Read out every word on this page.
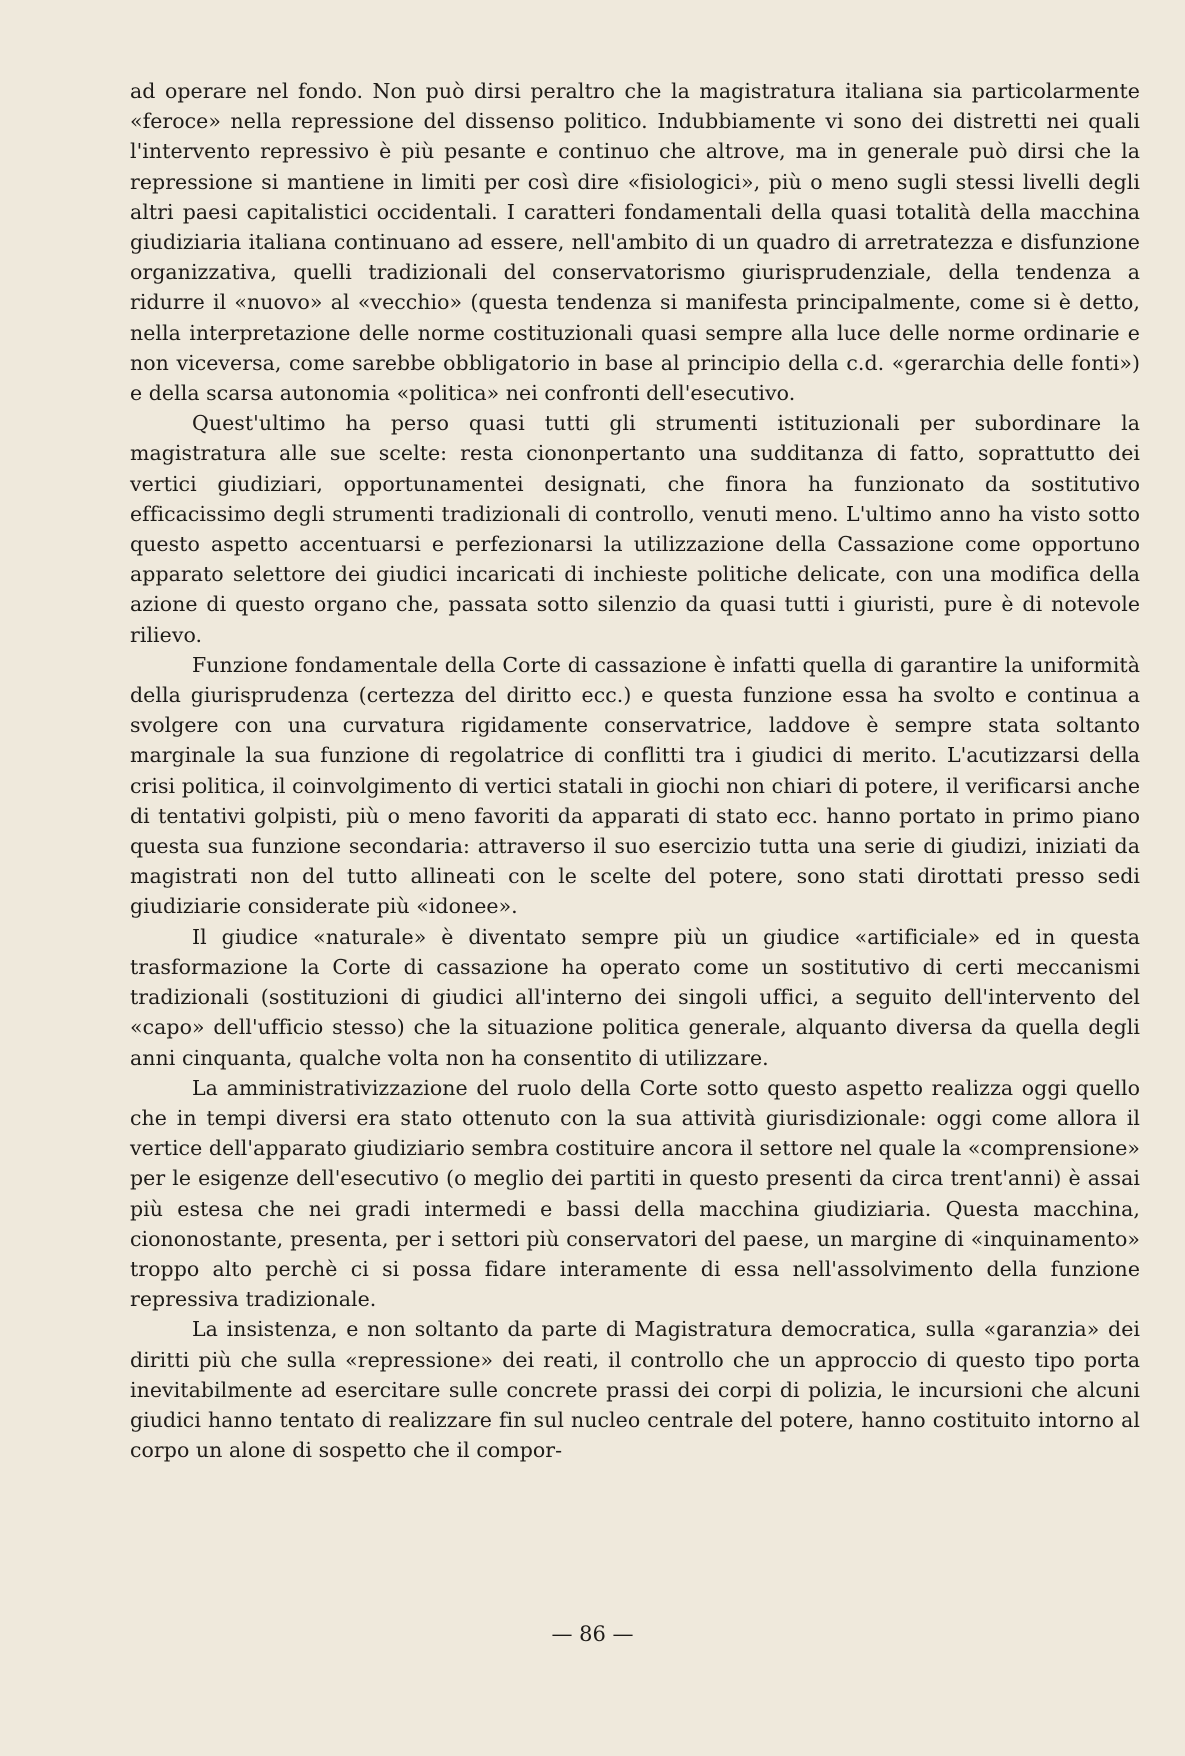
ad operare nel fondo. Non può dirsi peraltro che la magistratura italiana sia particolarmente «feroce» nella repressione del dissenso politico. Indubbiamente vi sono dei distretti nei quali l'intervento repressivo è più pesante e continuo che altrove, ma in generale può dirsi che la repressione si mantiene in limiti per così dire «fisiologici», più o meno sugli stessi livelli degli altri paesi capitalistici occidentali. I caratteri fondamentali della quasi totalità della macchina giudiziaria italiana continuano ad essere, nell'ambito di un quadro di arretratezza e disfunzione organizzativa, quelli tradizionali del conservatorismo giurisprudenziale, della tendenza a ridurre il «nuovo» al «vecchio» (questa tendenza si manifesta principalmente, come si è detto, nella interpretazione delle norme costituzionali quasi sempre alla luce delle norme ordinarie e non viceversa, come sarebbe obbligatorio in base al principio della c.d. «gerarchia delle fonti») e della scarsa autonomia «politica» nei confronti dell'esecutivo.

Quest'ultimo ha perso quasi tutti gli strumenti istituzionali per subordinare la magistratura alle sue scelte: resta ciononpertanto una sudditanza di fatto, soprattutto dei vertici giudiziari, opportunamentei designati, che finora ha funzionato da sostitutivo efficacissimo degli strumenti tradizionali di controllo, venuti meno. L'ultimo anno ha visto sotto questo aspetto accentuarsi e perfezionarsi la utilizzazione della Cassazione come opportuno apparato selettore dei giudici incaricati di inchieste politiche delicate, con una modifica della azione di questo organo che, passata sotto silenzio da quasi tutti i giuristi, pure è di notevole rilievo.

Funzione fondamentale della Corte di cassazione è infatti quella di garantire la uniformità della giurisprudenza (certezza del diritto ecc.) e questa funzione essa ha svolto e continua a svolgere con una curvatura rigidamente conservatrice, laddove è sempre stata soltanto marginale la sua funzione di regolatrice di conflitti tra i giudici di merito. L'acutizzarsi della crisi politica, il coinvolgimento di vertici statali in giochi non chiari di potere, il verificarsi anche di tentativi golpisti, più o meno favoriti da apparati di stato ecc. hanno portato in primo piano questa sua funzione secondaria: attraverso il suo esercizio tutta una serie di giudizi, iniziati da magistrati non del tutto allineati con le scelte del potere, sono stati dirottati presso sedi giudiziarie considerate più «idonee».

Il giudice «naturale» è diventato sempre più un giudice «artificiale» ed in questa trasformazione la Corte di cassazione ha operato come un sostitutivo di certi meccanismi tradizionali (sostituzioni di giudici all'interno dei singoli uffici, a seguito dell'intervento del «capo» dell'ufficio stesso) che la situazione politica generale, alquanto diversa da quella degli anni cinquanta, qualche volta non ha consentito di utilizzare.

La amministrativizzazione del ruolo della Corte sotto questo aspetto realizza oggi quello che in tempi diversi era stato ottenuto con la sua attività giurisdizionale: oggi come allora il vertice dell'apparato giudiziario sembra costituire ancora il settore nel quale la «comprensione» per le esigenze dell'esecutivo (o meglio dei partiti in questo presenti da circa trent'anni) è assai più estesa che nei gradi intermedi e bassi della macchina giudiziaria. Questa macchina, ciononostante, presenta, per i settori più conservatori del paese, un margine di «inquinamento» troppo alto perchè ci si possa fidare interamente di essa nell'assolvimento della funzione repressiva tradizionale.

La insistenza, e non soltanto da parte di Magistratura democratica, sulla «garanzia» dei diritti più che sulla «repressione» dei reati, il controllo che un approccio di questo tipo porta inevitabilmente ad esercitare sulle concrete prassi dei corpi di polizia, le incursioni che alcuni giudici hanno tentato di realizzare fin sul nucleo centrale del potere, hanno costituito intorno al corpo un alone di sospetto che il compor-

— 86 —
